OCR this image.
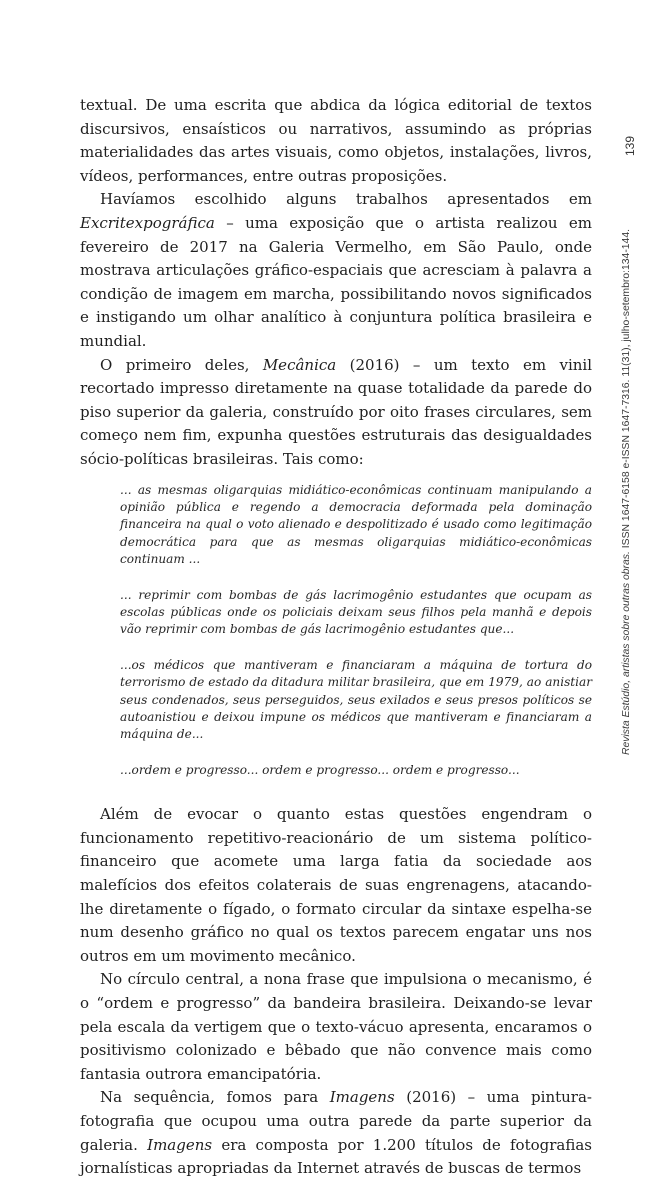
textual. De uma escrita que abdica da lógica editorial de textos discursivos, ensaísticos ou narrativos, assumindo as próprias materialidades das artes visuais, como objetos, instalações, livros, vídeos, performances, entre outras proposições.

Havíamos escolhido alguns trabalhos apresentados em Excritexpográfica – uma exposição que o artista realizou em fevereiro de 2017 na Galeria Vermelho, em São Paulo, onde mostrava articulações gráfico-espaciais que acresciam à palavra a condição de imagem em marcha, possibilitando novos significados e instigando um olhar analítico à conjuntura política brasileira e mundial.

O primeiro deles, Mecânica (2016) – um texto em vinil recortado impresso diretamente na quase totalidade da parede do piso superior da galeria, construído por oito frases circulares, sem começo nem fim, expunha questões estruturais das desigualdades sócio-políticas brasileiras. Tais como:

... as mesmas oligarquias midiático-econômicas continuam manipulando a opinião pública e regendo a democracia deformada pela dominação financeira na qual o voto alienado e despolitizado é usado como legitimação democrática para que as mesmas oligarquias midiático-econômicas continuam ...

... reprimir com bombas de gás lacrimogênio estudantes que ocupam as escolas públicas onde os policiais deixam seus filhos pela manhã e depois vão reprimir com bombas de gás lacrimogênio estudantes que...

...os médicos que mantiveram e financiaram a máquina de tortura do terrorismo de estado da ditadura militar brasileira, que em 1979, ao anistiar seus condenados, seus perseguidos, seus exilados e seus presos políticos se autoanistiou e deixou impune os médicos que mantiveram e financiaram a máquina de...

...ordem e progresso... ordem e progresso... ordem e progresso...

Além de evocar o quanto estas questões engendram o funcionamento repetitivo-reacionário de um sistema político-financeiro que acomete uma larga fatia da sociedade aos malefícios dos efeitos colaterais de suas engrenagens, atacando-lhe diretamente o fígado, o formato circular da sintaxe espelha-se num desenho gráfico no qual os textos parecem engatar uns nos outros em um movimento mecânico.

No círculo central, a nona frase que impulsiona o mecanismo, é o “ordem e progresso” da bandeira brasileira. Deixando-se levar pela escala da vertigem que o texto-vácuo apresenta, encaramos o positivismo colonizado e bêbado que não convence mais como fantasia outrora emancipatória.

Na sequência, fomos para Imagens (2016) – uma pintura-fotografia que ocupou uma outra parede da parte superior da galeria. Imagens era composta por 1.200 títulos de fotografias jornalísticas apropriadas da Internet através de buscas de termos

139
Revista Estúdio, artistas sobre outras obras. ISSN 1647-6158 e-ISSN 1647-7316. 11(31), julho-setembro:134-144.
